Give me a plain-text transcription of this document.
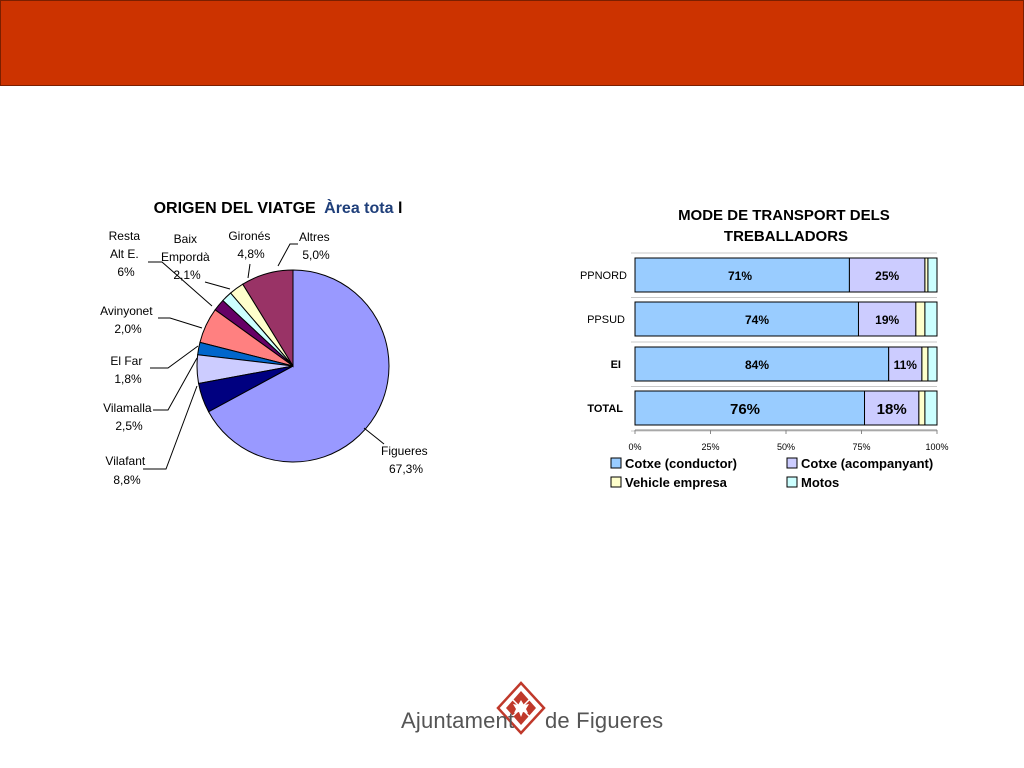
ORIGEN DEL VIATGE Àrea tota l
Figueres 67,3%
Vilafant 8,8%
Vilamalla 2,5%
El Far 1,8%
Avinyonet 2,0%
Resta Alt E. 6%
Baix Empordà 2,1%
Gironés 4,8%
Altres 5,0%
MODE DE TRANSPORT DELS TREBALLADORS
71%	25%
74%	19%
84%	11%
76%	18%
PPNORD
PPSUD
EI
TOTAL
0%	25%	50%	75%	100%
Cotxe (conductor)	Cotxe (acompanyant)
Vehicle empresa	Motos
Ajuntament de Figueres
